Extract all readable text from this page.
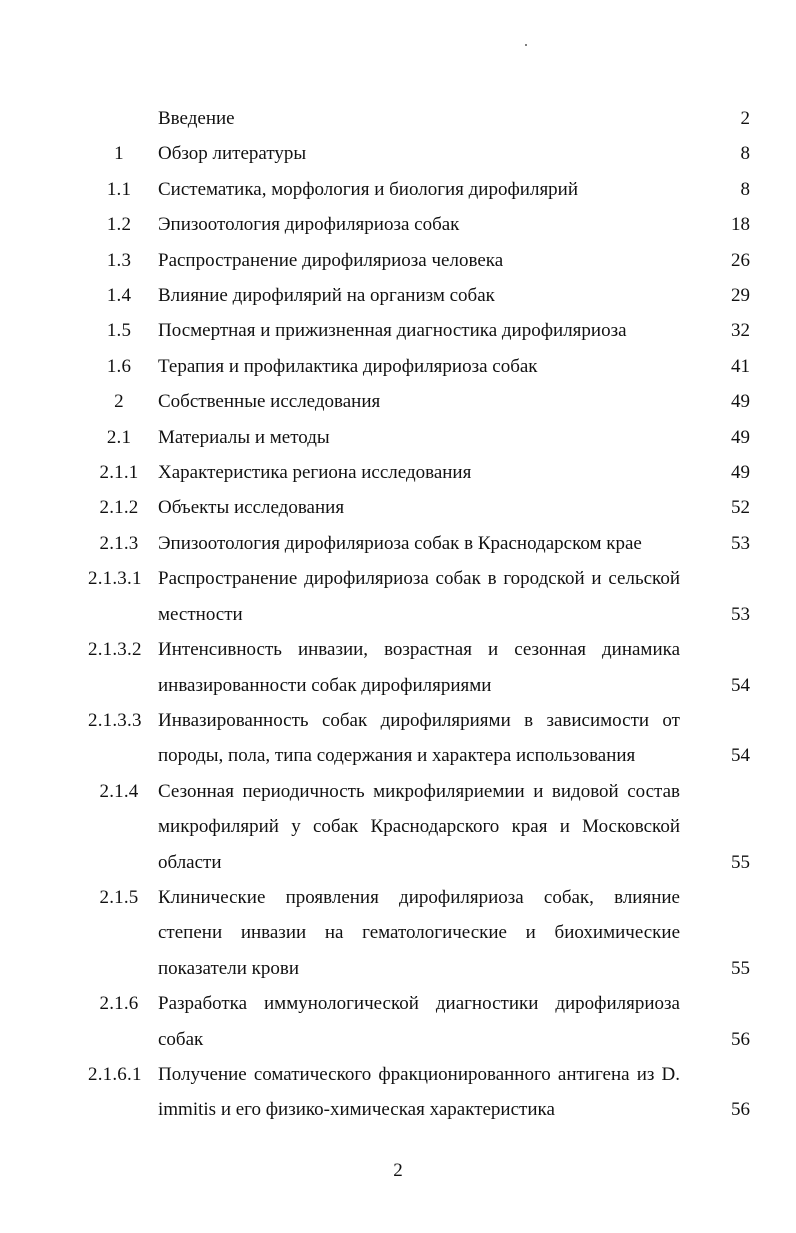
Введение	2
1	Обзор литературы	8
1.1	Систематика, морфология и биология дирофилярий	8
1.2	Эпизоотология дирофиляриоза собак	18
1.3	Распространение дирофиляриоза человека	26
1.4	Влияние дирофилярий на организм собак	29
1.5	Посмертная и прижизненная диагностика дирофиляриоза	32
1.6	Терапия и профилактика дирофиляриоза собак	41
2	Собственные исследования	49
2.1	Материалы и методы	49
2.1.1	Характеристика региона исследования	49
2.1.2	Объекты исследования	52
2.1.3	Эпизоотология дирофиляриоза собак в Краснодарском крае	53
2.1.3.1 Распространение дирофиляриоза собак в городской и сельской
местности	53
2.1.3.2 Интенсивность инвазии, возрастная и сезонная динамика
инвазированности собак дирофиляриями	54
2.1.3.3 Инвазированность собак дирофиляриями в зависимости от
породы, пола, типа содержания и характера использования	54
2.1.4	Сезонная периодичность микрофиляриемии и видовой состав
микрофилярий у собак Краснодарского края и Московской
области	55
2.1.5	Клинические проявления дирофиляриоза собак, влияние
степени инвазии на гематологические и биохимические
показатели крови	55
2.1.6	Разработка иммунологической диагностики дирофиляриоза
собак	56
2.1.6.1 Получение соматического фракционированного антигена из D.
immitis и его физико-химическая характеристика	56
2
